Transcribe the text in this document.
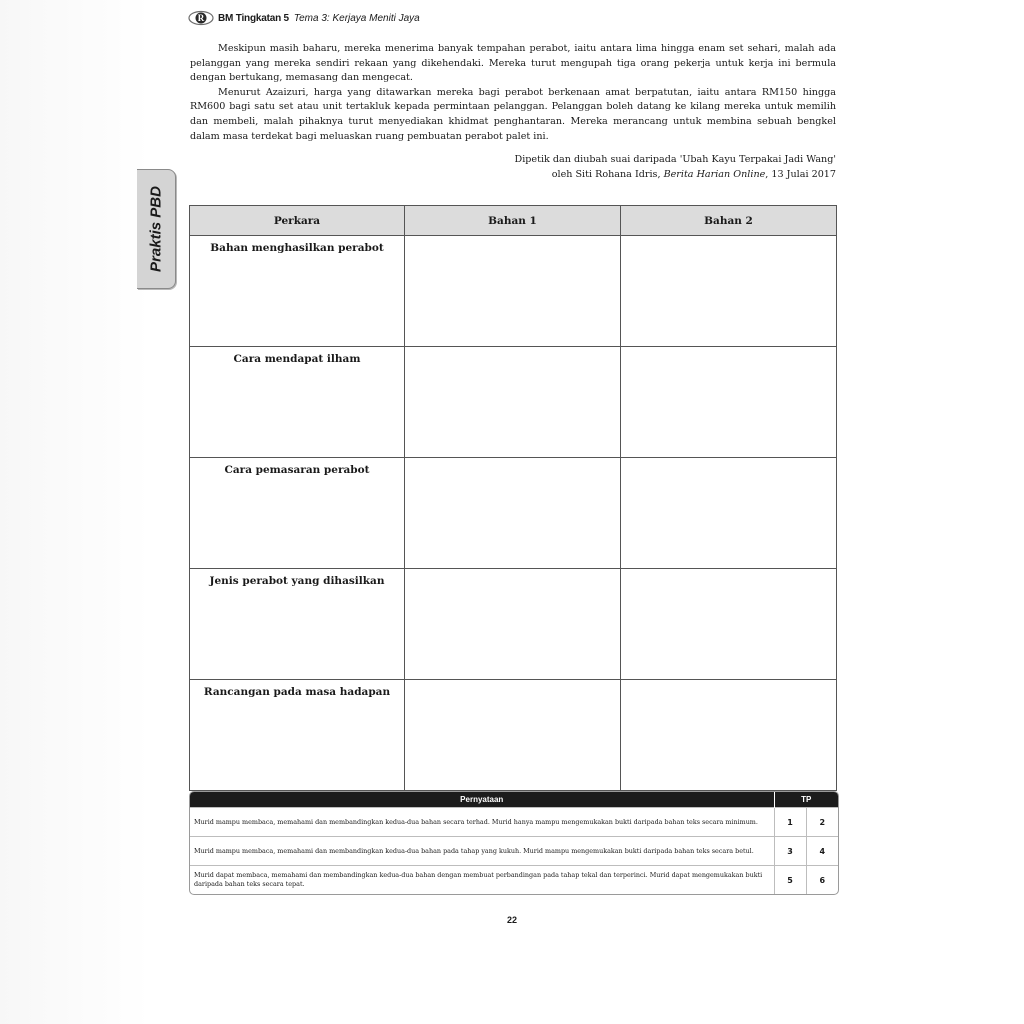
R BM Tingkatan 5 Tema 3: Kerjaya Meniti Jaya

Meskipun masih baharu, mereka menerima banyak tempahan perabot, iaitu antara lima hingga enam set sehari, malah ada pelanggan yang mereka sendiri rekaan yang dikehendaki. Mereka turut mengupah tiga orang pekerja untuk kerja ini bermula dengan bertukang, memasang dan mengecat.

Menurut Azaizuri, harga yang ditawarkan mereka bagi perabot berkenaan amat berpatutan, iaitu antara RM150 hingga RM600 bagi satu set atau unit tertakluk kepada permintaan pelanggan. Pelanggan boleh datang ke kilang mereka untuk memilih dan membeli, malah pihaknya turut menyediakan khidmat penghantaran. Mereka merancang untuk membina sebuah bengkel dalam masa terdekat bagi meluaskan ruang pembuatan perabot palet ini.

Dipetik dan diubah suai daripada 'Ubah Kayu Terpakai Jadi Wang'
oleh Siti Rohana Idris, Berita Harian Online, 13 Julai 2017
Praktis PBD	Perkara	Bahan 1	Bahan 2
Bahan menghasilkan perabot		
Cara mendapat ilham		
Cara pemasaran perabot		
Jenis perabot yang dihasilkan		
Rancangan pada masa hadapan		
Pernyataan	TP	
Murid mampu membaca, memahami dan membandingkan kedua-dua bahan secara terhad. Murid hanya mampu mengemukakan bukti daripada bahan teks secara minimum.	1	2
Murid mampu membaca, memahami dan membandingkan kedua-dua bahan pada tahap yang kukuh. Murid mampu mengemukakan bukti daripada bahan teks secara betul.	3	4
Murid dapat membaca, memahami dan membandingkan kedua-dua bahan dengan membuat perbandingan pada tahap tekal dan terperinci. Murid dapat mengemukakan bukti daripada bahan teks secara tepat.	5	6
22
